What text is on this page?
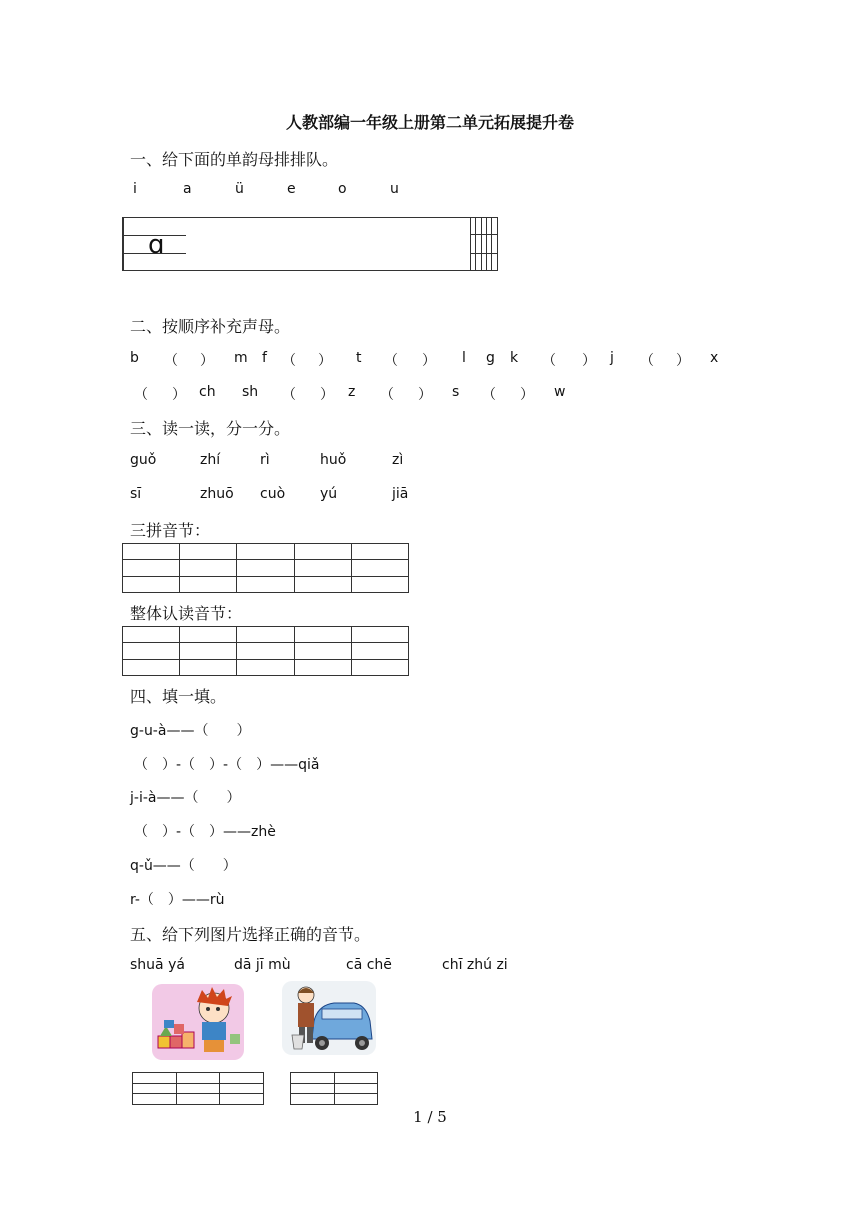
人教部编一年级上册第二单元拓展提升卷
一、给下面的单韵母排排队。
i	a	ü	e	o	u
ɑ					

二、按顺序补充声母。
b （ ） m f （ ） t （ ） l g k （ ） j （ ） x
（ ） ch sh （ ） z （ ） s （ ） w
三、读一读，分一分。
guǒ	zhí	rì	huǒ	zì
sī	zhuō cuò yú	jiā
三拼音节：

整体认读音节：

四、填一填。
g-u-à——（　　）
（　）-（　）-（　）——qiǎ
j-i-à——（　　）
（　）-（　）——zhè
q-ǔ——（　　）
r-（　）——rù
五、给下列图片选择正确的音节。
shuā yá	dā jī mù	cā chē	chī zhú zi

1 / 5
